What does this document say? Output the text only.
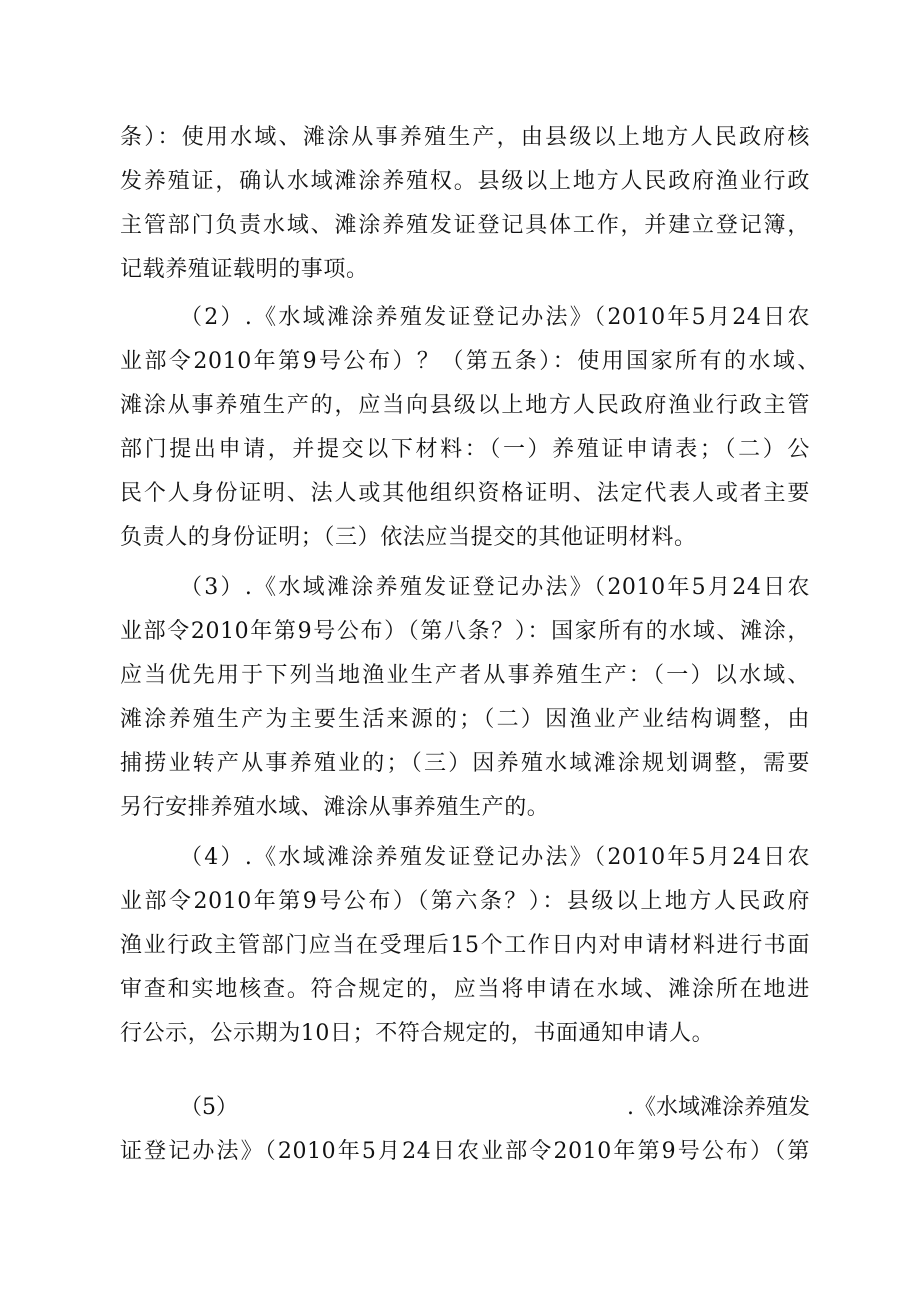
条）：使用水域、滩涂从事养殖生产，由县级以上地方人民政府核
发养殖证，确认水域滩涂养殖权。县级以上地方人民政府渔业行政
主管部门负责水域、滩涂养殖发证登记具体工作，并建立登记簿，
记载养殖证载明的事项。
（2）.《水域滩涂养殖发证登记办法》（2010年5月24日农
业部令2010年第9号公布）？（第五条）：使用国家所有的水域、
滩涂从事养殖生产的，应当向县级以上地方人民政府渔业行政主管
部门提出申请，并提交以下材料：（一）养殖证申请表；（二）公
民个人身份证明、法人或其他组织资格证明、法定代表人或者主要
负责人的身份证明；（三）依法应当提交的其他证明材料。
（3）.《水域滩涂养殖发证登记办法》（2010年5月24日农
业部令2010年第9号公布）（第八条？）：国家所有的水域、滩涂，
应当优先用于下列当地渔业生产者从事养殖生产：（一）以水域、
滩涂养殖生产为主要生活来源的；（二）因渔业产业结构调整，由
捕捞业转产从事养殖业的；（三）因养殖水域滩涂规划调整，需要
另行安排养殖水域、滩涂从事养殖生产的。
（4）.《水域滩涂养殖发证登记办法》（2010年5月24日农
业部令2010年第9号公布）（第六条？）：县级以上地方人民政府
渔业行政主管部门应当在受理后15个工作日内对申请材料进行书面
审查和实地核查。符合规定的，应当将申请在水域、滩涂所在地进
行公示，公示期为10日；不符合规定的，书面通知申请人。
（5）	.《水域滩涂养殖发
证登记办法》（2010年5月24日农业部令2010年第9号公布）（第
